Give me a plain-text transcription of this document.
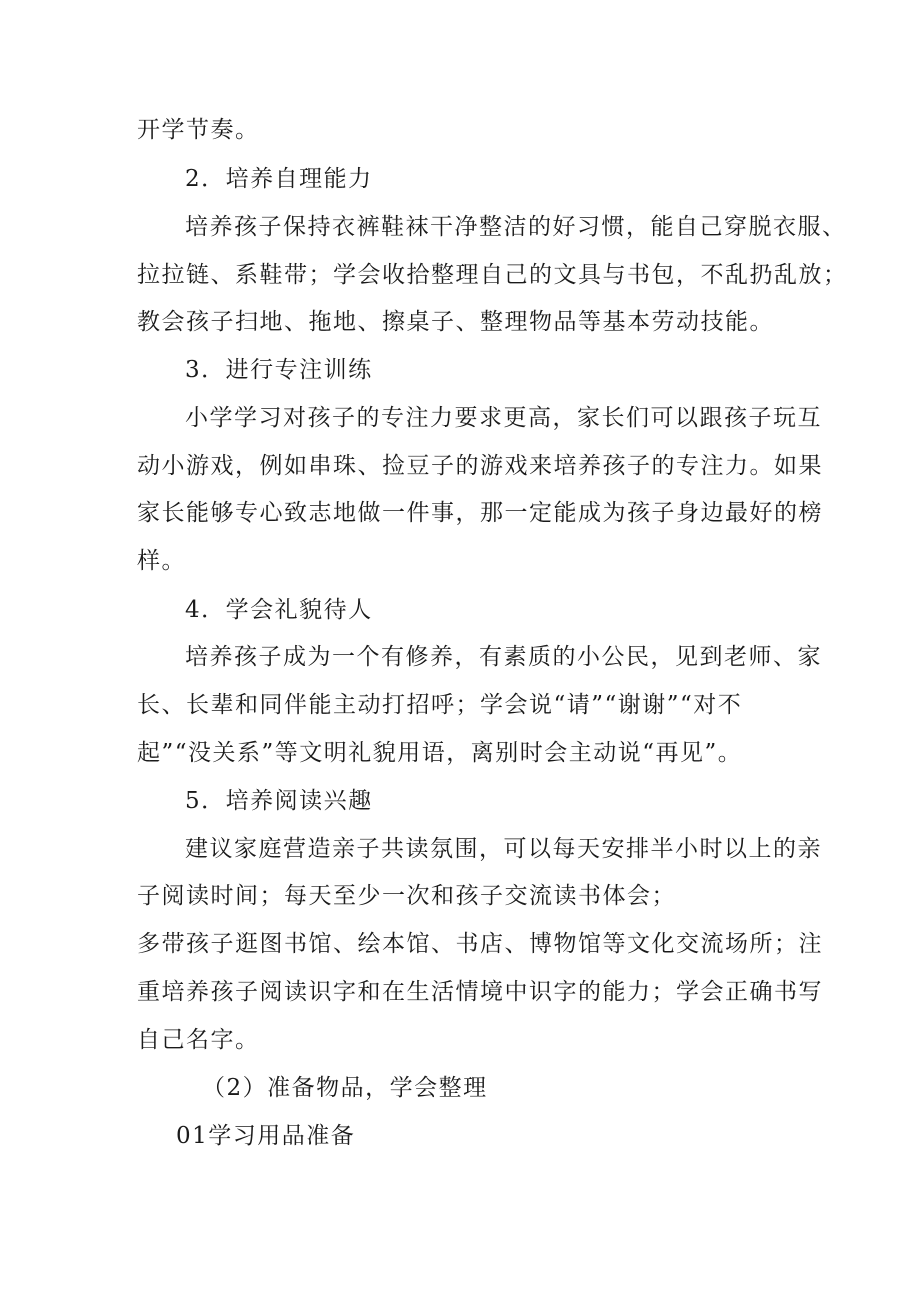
开学节奏。
2．培养自理能力
培养孩子保持衣裤鞋袜干净整洁的好习惯，能自己穿脱衣服、
拉拉链、系鞋带；学会收拾整理自己的文具与书包，不乱扔乱放；
教会孩子扫地、拖地、擦桌子、整理物品等基本劳动技能。
3．进行专注训练
小学学习对孩子的专注力要求更高，家长们可以跟孩子玩互
动小游戏，例如串珠、捡豆子的游戏来培养孩子的专注力。如果
家长能够专心致志地做一件事，那一定能成为孩子身边最好的榜
样。
4．学会礼貌待人
培养孩子成为一个有修养，有素质的小公民，见到老师、家
长、长辈和同伴能主动打招呼；学会说“请”“谢谢”“对不
起”“没关系”等文明礼貌用语，离别时会主动说“再见”。
5．培养阅读兴趣
建议家庭营造亲子共读氛围，可以每天安排半小时以上的亲
子阅读时间；每天至少一次和孩子交流读书体会；
多带孩子逛图书馆、绘本馆、书店、博物馆等文化交流场所；注
重培养孩子阅读识字和在生活情境中识字的能力；学会正确书写
自己名字。
（2）准备物品，学会整理
01学习用品准备
